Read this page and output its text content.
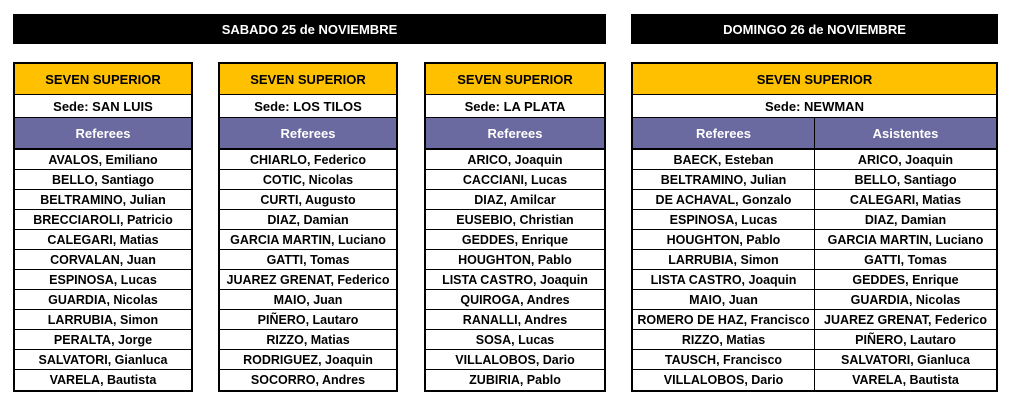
SABADO 25 de NOVIEMBRE	DOMINGO 26 de NOVIEMBRE
SEVEN SUPERIOR
Sede: SAN LUIS
Referees
AVALOS, Emiliano
BELLO, Santiago
BELTRAMINO, Julian
BRECCIAROLI, Patricio
CALEGARI, Matias
CORVALAN, Juan
ESPINOSA, Lucas
GUARDIA, Nicolas
LARRUBIA, Simon
PERALTA, Jorge
SALVATORI, Gianluca
VARELA, Bautista
SEVEN SUPERIOR
Sede: LOS TILOS
Referees
CHIARLO, Federico
COTIC, Nicolas
CURTI, Augusto
DIAZ, Damian
GARCIA MARTIN, Luciano
GATTI, Tomas
JUAREZ GRENAT, Federico
MAIO, Juan
PIÑERO, Lautaro
RIZZO, Matias
RODRIGUEZ, Joaquin
SOCORRO, Andres
SEVEN SUPERIOR
Sede: LA PLATA
Referees
ARICO, Joaquin
CACCIANI, Lucas
DIAZ, Amilcar
EUSEBIO, Christian
GEDDES, Enrique
HOUGHTON, Pablo
LISTA CASTRO, Joaquin
QUIROGA, Andres
RANALLI, Andres
SOSA, Lucas
VILLALOBOS, Dario
ZUBIRIA, Pablo
SEVEN SUPERIOR
Sede: NEWMAN
Referees	Asistentes
BAECK, Esteban
BELTRAMINO, Julian
DE ACHAVAL, Gonzalo
ESPINOSA, Lucas
HOUGHTON, Pablo
LARRUBIA, Simon
LISTA CASTRO, Joaquin
MAIO, Juan
ROMERO DE HAZ, Francisco
RIZZO, Matias
TAUSCH, Francisco
VILLALOBOS, Dario
ARICO, Joaquin
BELLO, Santiago
CALEGARI, Matias
DIAZ, Damian
GARCIA MARTIN, Luciano
GATTI, Tomas
GEDDES, Enrique
GUARDIA, Nicolas
JUAREZ GRENAT, Federico
PIÑERO, Lautaro
SALVATORI, Gianluca
VARELA, Bautista
